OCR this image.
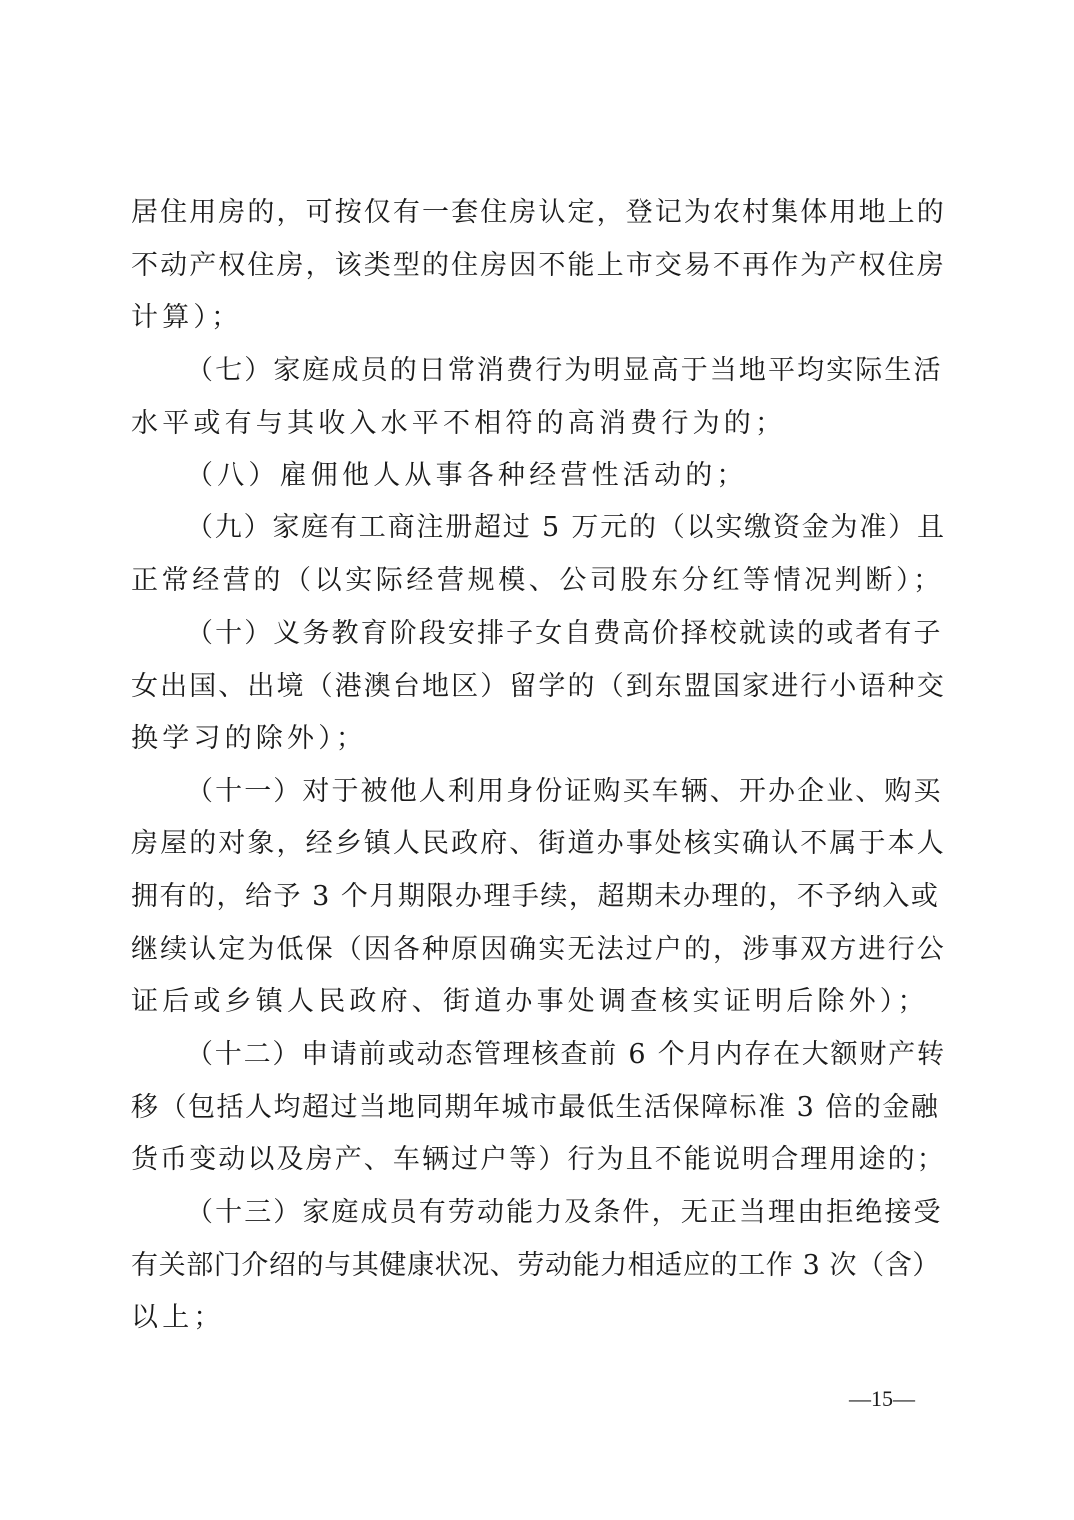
居住用房的，可按仅有一套住房认定，登记为农村集体用地上的
不动产权住房，该类型的住房因不能上市交易不再作为产权住房
计算）；
（七）家庭成员的日常消费行为明显高于当地平均实际生活
水平或有与其收入水平不相符的高消费行为的；
（八）雇佣他人从事各种经营性活动的；
（九）家庭有工商注册超过 5 万元的（以实缴资金为准）且
正常经营的（以实际经营规模、公司股东分红等情况判断）；
（十）义务教育阶段安排子女自费高价择校就读的或者有子
女出国、出境（港澳台地区）留学的（到东盟国家进行小语种交
换学习的除外）；
（十一）对于被他人利用身份证购买车辆、开办企业、购买
房屋的对象，经乡镇人民政府、街道办事处核实确认不属于本人
拥有的，给予 3 个月期限办理手续，超期未办理的，不予纳入或
继续认定为低保（因各种原因确实无法过户的，涉事双方进行公
证后或乡镇人民政府、街道办事处调查核实证明后除外）；
（十二）申请前或动态管理核查前 6 个月内存在大额财产转
移（包括人均超过当地同期年城市最低生活保障标准 3 倍的金融
货币变动以及房产、车辆过户等）行为且不能说明合理用途的；
（十三）家庭成员有劳动能力及条件，无正当理由拒绝接受
有关部门介绍的与其健康状况、劳动能力相适应的工作 3 次（含）
以上；
—15—
